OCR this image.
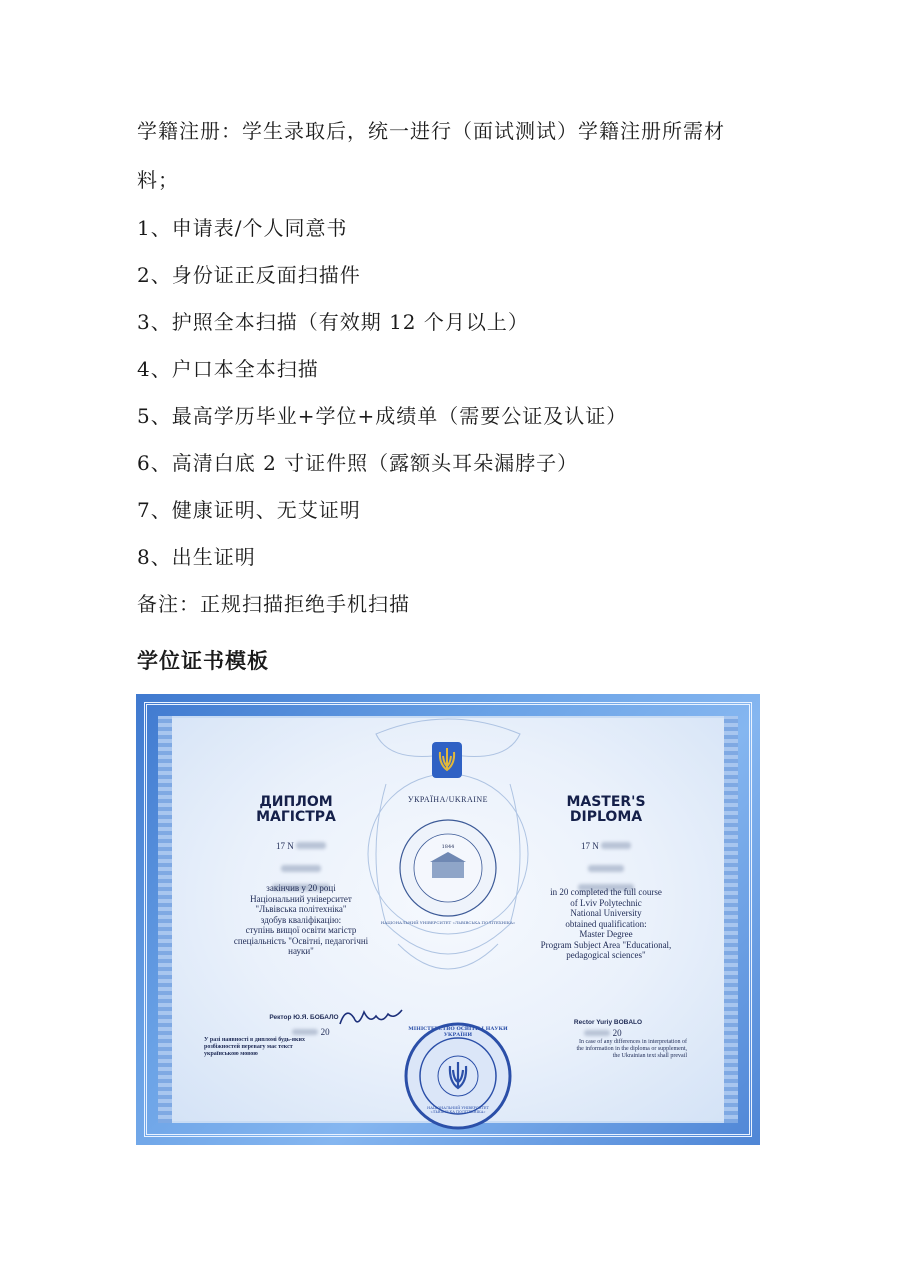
学籍注册：学生录取后，统一进行（面试测试）学籍注册所需材
料；
1、申请表/个人同意书
2、身份证正反面扫描件
3、护照全本扫描（有效期 12 个月以上）
4、户口本全本扫描
5、最高学历毕业+学位+成绩单（需要公证及认证）
6、高清白底 2 寸证件照（露额头耳朵漏脖子）
7、健康证明、无艾证明
8、出生证明
备注：正规扫描拒绝手机扫描
学位证书模板
УКРАЇНА/UKRAINE
1844
НАЦІОНАЛЬНИЙ УНІВЕРСИТЕТ «ЛЬВІВСЬКА ПОЛІТЕХНІКА»
ДИПЛОМ
МАГІСТРА
17 N

закінчив у 20 році
Національний університет
"Львівська політехніка"
здобув кваліфікацію:
ступінь вищої освіти магістр
спеціальність "Освітні, педагогічні
науки"
Ректор Ю.Я. БОБАЛО
20
У разі наявності в дипломі будь-яких розбіжностей перевагу має текст українською мовою
MASTER'S
DIPLOMA
17 N

in 20 completed the full course
of Lviv Polytechnic
National University
obtained qualification:
Master Degree
Program Subject Area "Educational,
pedagogical sciences"
Rector Yuriy BOBALO
20
In case of any differences in interpretation of the information in the diploma or supplement, the Ukrainian text shall prevail
МІНІСТЕРСТВО ОСВІТИ І НАУКИ УКРАЇНИ
НАЦІОНАЛЬНИЙ УНІВЕРСИТЕТ «ЛЬВІВСЬКА ПОЛІТЕХНІКА»
